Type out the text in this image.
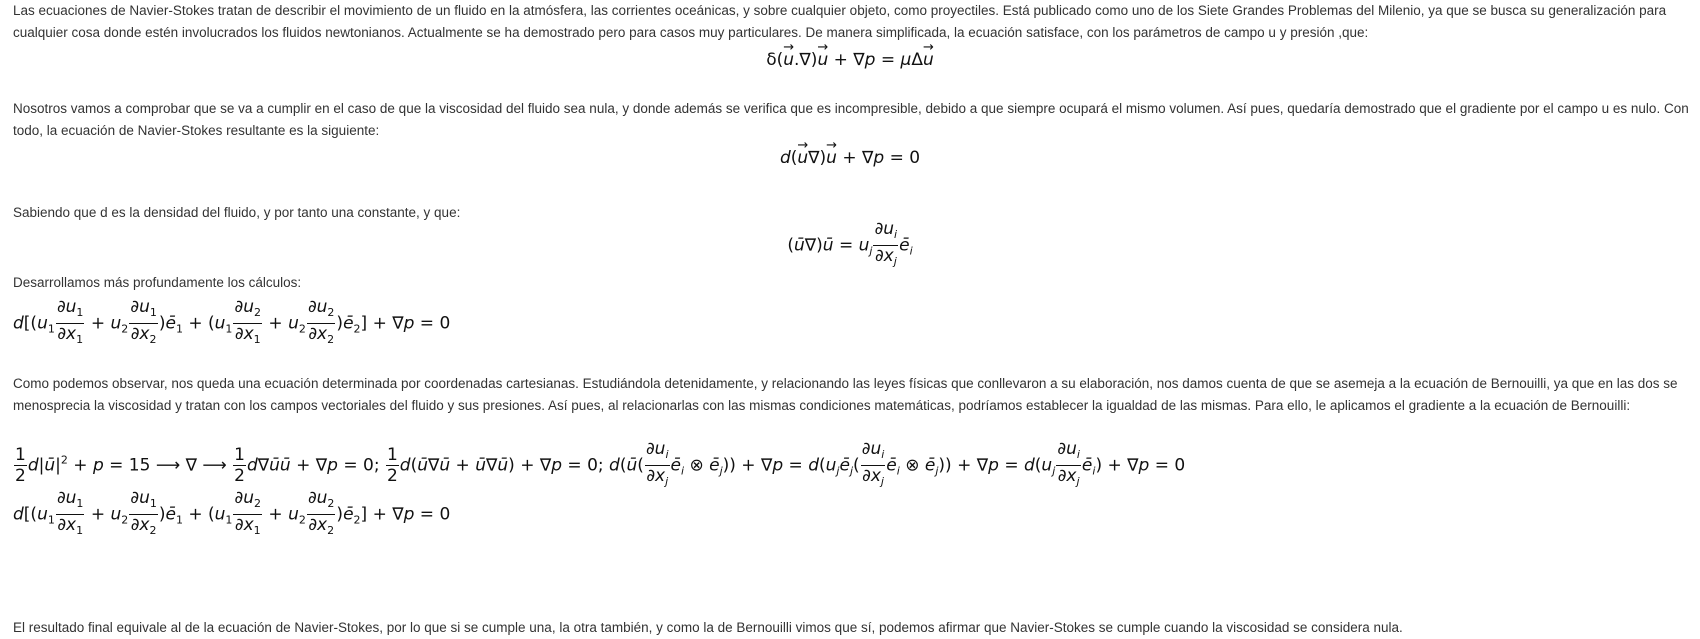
Las ecuaciones de Navier-Stokes tratan de describir el movimiento de un fluido en la atmósfera, las corrientes oceánicas, y sobre cualquier objeto, como proyectiles. Está publicado como uno de los Siete Grandes Problemas del Milenio, ya que se busca su generalización para cualquier cosa donde estén involucrados los fluidos newtonianos. Actualmente se ha demostrado pero para casos muy particulares. De manera simplificada, la ecuación satisface, con los parámetros de campo u y presión ,que:

δ(→ u.∇)→ u + ∇p = μΔ→ u

Nosotros vamos a comprobar que se va a cumplir en el caso de que la viscosidad del fluido sea nula, y donde además se verifica que es incompresible, debido a que siempre ocupará el mismo volumen. Así pues, quedaría demostrado que el gradiente por el campo u es nulo. Con todo, la ecuación de Navier-Stokes resultante es la siguiente:

d(→ u∇)→ u + ∇p = 0

Sabiendo que d es la densidad del fluido, y por tanto una constante, y que:

(ū∇)ū = $u_j \frac{\partial u_i}{\partial x_j}$ $ē_i$

Desarrollamos más profundamente los cálculos:

$d[(u_1 \frac{\partial u_1}{\partial x_1} + u_2 \frac{\partial u_1}{\partial x_2}$ )$ē_1 + (u_1 \frac{\partial u_2}{\partial x_1} + u_2 \frac{\partial u_2}{\partial x_2}$ )$ē_2] + \nabla p = 0$

Como podemos observar, nos queda una ecuación determinada por coordenadas cartesianas. Estudiándola detenidamente, y relacionando las leyes físicas que conllevaron a su elaboración, nos damos cuenta de que se asemeja a la ecuación de Bernouilli, ya que en las dos se menosprecia la viscosidad y tratan con los campos vectoriales del fluido y sus presiones. Así pues, al relacionarlas con las mismas condiciones matemáticas, podríamos establecer la igualdad de las mismas. Para ello, le aplicamos el gradiente a la ecuación de Bernouilli:

$\frac{1}{2}$ $d|ū|^2 + p = 15$ ⟶ ∇ ⟶ $\frac{1}{2}$ d∇ūū + ∇p = 0; $\frac{1}{2}$ d(ū∇ū + ū∇ū) + ∇p = 0; d(ū( $\frac{\partial u_i}{\partial x_j}$ $ē_i$ ⊗ $ē_j)) + \nabla p$ = $d(u_jē_j( \frac{\partial u_i}{\partial x_j}$ $ē_i$ ⊗ $ē_j)) + \nabla p = d(u_j \frac{\partial u_i}{\partial x_j}$ $ē_i) + \nabla p = 0$
$d[(u_1 \frac{\partial u_1}{\partial x_1} + u_2 \frac{\partial u_1}{\partial x_2}$ )$ē_1 + (u_1 \frac{\partial u_2}{\partial x_1} + u_2 \frac{\partial u_2}{\partial x_2}$ )$ē_2] + \nabla p = 0$

El resultado final equivale al de la ecuación de Navier-Stokes, por lo que si se cumple una, la otra también, y como la de Bernouilli vimos que sí, podemos afirmar que Navier-Stokes se cumple cuando la viscosidad se considera nula.
